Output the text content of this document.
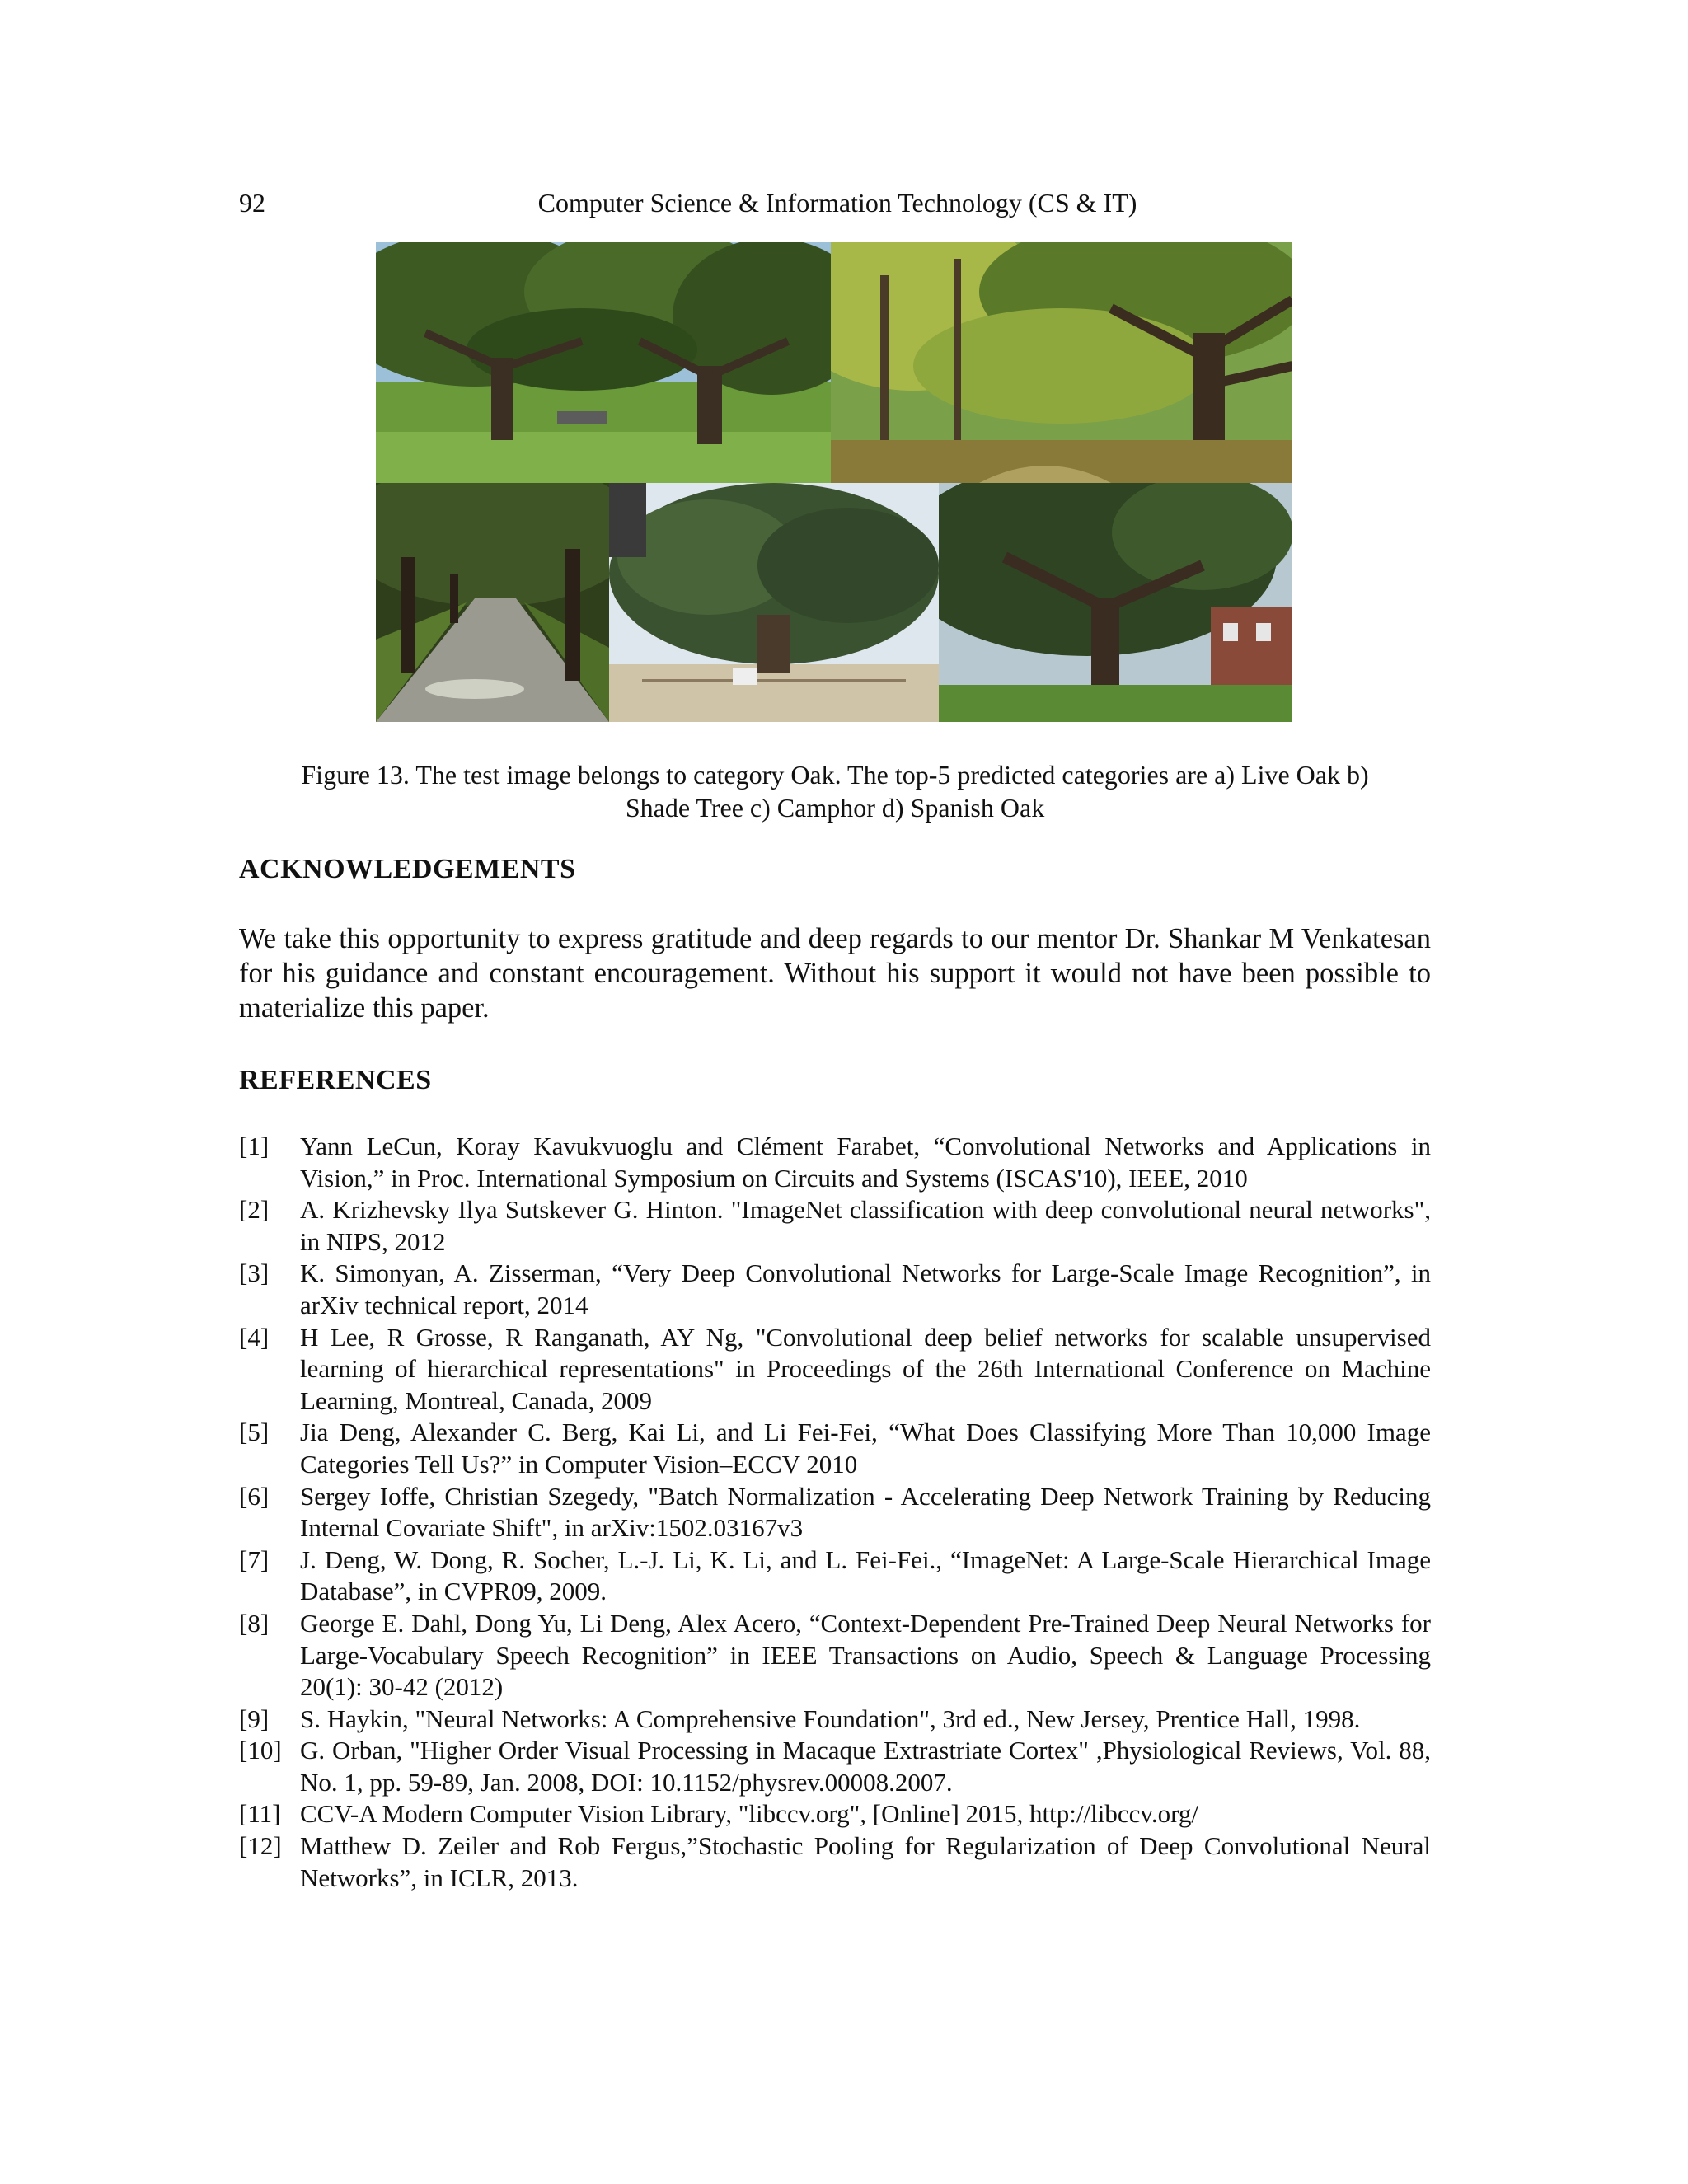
92	Computer Science & Information Technology (CS & IT)
Figure 13. The test image belongs to category Oak. The top-5 predicted categories are a) Live Oak b)
Shade Tree c) Camphor d) Spanish Oak
ACKNOWLEDGEMENTS
We take this opportunity to express gratitude and deep regards to our mentor Dr. Shankar M Venkatesan for his guidance and constant encouragement. Without his support it would not have been possible to materialize this paper.
REFERENCES
[1]	Yann LeCun, Koray Kavukvuoglu and Clément Farabet, “Convolutional Networks and Applications in Vision,” in Proc. International Symposium on Circuits and Systems (ISCAS'10), IEEE, 2010
[2]	A. Krizhevsky Ilya Sutskever G. Hinton. "ImageNet classification with deep convolutional neural networks", in NIPS, 2012
[3]	K. Simonyan, A. Zisserman, “Very Deep Convolutional Networks for Large-Scale Image Recognition”, in arXiv technical report, 2014
[4]	H Lee, R Grosse, R Ranganath, AY Ng, "Convolutional deep belief networks for scalable unsupervised learning of hierarchical representations" in Proceedings of the 26th International Conference on Machine Learning, Montreal, Canada, 2009
[5]	Jia Deng, Alexander C. Berg, Kai Li, and Li Fei-Fei, “What Does Classifying More Than 10,000 Image Categories Tell Us?” in Computer Vision–ECCV 2010
[6]	Sergey Ioffe, Christian Szegedy, "Batch Normalization - Accelerating Deep Network Training by Reducing Internal Covariate Shift", in arXiv:1502.03167v3
[7]	J. Deng, W. Dong, R. Socher, L.-J. Li, K. Li, and L. Fei-Fei., “ImageNet: A Large-Scale Hierarchical Image Database”, in CVPR09, 2009.
[8]	George E. Dahl, Dong Yu, Li Deng, Alex Acero, “Context-Dependent Pre-Trained Deep Neural Networks for Large-Vocabulary Speech Recognition” in IEEE Transactions on Audio, Speech & Language Processing 20(1): 30-42 (2012)
[9]	S. Haykin, "Neural Networks: A Comprehensive Foundation", 3rd ed., New Jersey, Prentice Hall, 1998.
[10] G. Orban, "Higher Order Visual Processing in Macaque Extrastriate Cortex" ,Physiological Reviews, Vol. 88, No. 1, pp. 59-89, Jan. 2008, DOI: 10.1152/physrev.00008.2007.
[11] CCV-A Modern Computer Vision Library, "libccv.org", [Online] 2015, http://libccv.org/
[12] Matthew D. Zeiler and Rob Fergus,”Stochastic Pooling for Regularization of Deep Convolutional Neural Networks”, in ICLR, 2013.
